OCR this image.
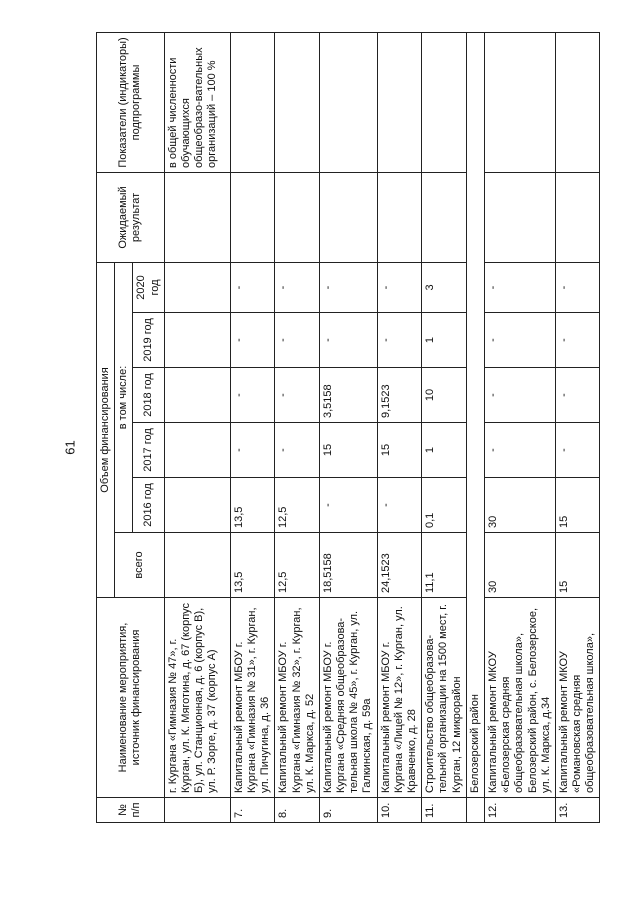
61
№ п/п	Наименование мероприятия, источник финансирования	Объем финансирования						Ожидаемый результат	Показатели (индикаторы) подпрограммы
		всего	в том числе:						
			2016 год	2017 год	2018 год	2019 год	2020 год		
	г. Кургана «Гимназия № 47», г. Курган, ул. К. Мяготина, д. 67 (корпус Б), ул. Станционная, д. 6 (корпус В), ул. Р. Зорге, д. 37 (корпус А)								в общей численности обучающихся общеобразо-вательных организаций – 100 %
7.	Капитальный ремонт МБОУ г. Кургана «Гимназия № 31», г. Курган, ул. Пичугина, д. 36	13,5	13,5	-	-	-	-		
8.	Капитальный ремонт МБОУ г. Кургана «Гимназия № 32», г. Курган, ул. К. Маркса, д. 52	12,5	12,5	-	-	-	-		
9.	Капитальный ремонт МБОУ г. Кургана «Средняя общеобразова-тельная школа № 45», г. Курган, ул. Галкинская, д. 59а	18,5158	-	15	3,5158	-	-		
10.	Капитальный ремонт МБОУ г. Кургана «Лицей № 12», г. Курган, ул. Кравченко, д. 28	24,1523	-	15	9,1523	-	-		
11.	Строительство общеобразова-тельной организации на 1500 мест, г. Курган, 12 микрорайон	11,1	0,1	1	10	1	3		
	Белозерский район								
12.	Капитальный ремонт МКОУ «Белозерская средняя общеобразовательная школа», Белозерский район, с. Белозерское, ул. К. Маркса, д.34	30	30	-	-	-	-		
13.	Капитальный ремонт МКОУ «Романовская средняя общеобразовательная школа»,	15	15	-	-	-	-		
